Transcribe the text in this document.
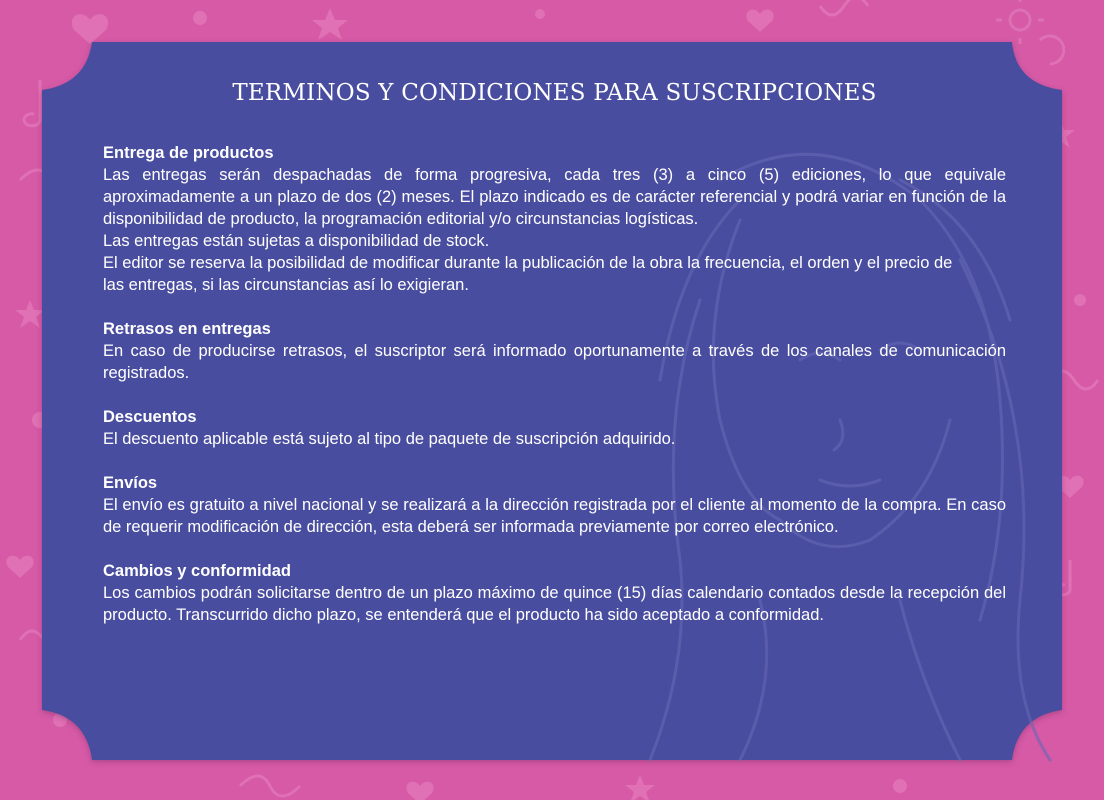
TERMINOS Y CONDICIONES PARA SUSCRIPCIONES
Entrega de productos

Las entregas serán despachadas de forma progresiva, cada tres (3) a cinco (5) ediciones, lo que equivale aproximadamente a un plazo de dos (2) meses. El plazo indicado es de carácter referencial y podrá variar en función de la disponibilidad de producto, la programación editorial y/o circunstancias logísticas.

Las entregas están sujetas a disponibilidad de stock.

El editor se reserva la posibilidad de modificar durante la publicación de la obra la frecuencia, el orden y el precio de las entregas, si las circunstancias así lo exigieran.

Retrasos en entregas

En caso de producirse retrasos, el suscriptor será informado oportunamente a través de los canales de comunicación registrados.

Descuentos

El descuento aplicable está sujeto al tipo de paquete de suscripción adquirido.

Envíos

El envío es gratuito a nivel nacional y se realizará a la dirección registrada por el cliente al momento de la compra. En caso de requerir modificación de dirección, esta deberá ser informada previamente por correo electrónico.

Cambios y conformidad

Los cambios podrán solicitarse dentro de un plazo máximo de quince (15) días calendario contados desde la recepción del producto. Transcurrido dicho plazo, se entenderá que el producto ha sido aceptado a conformidad.
